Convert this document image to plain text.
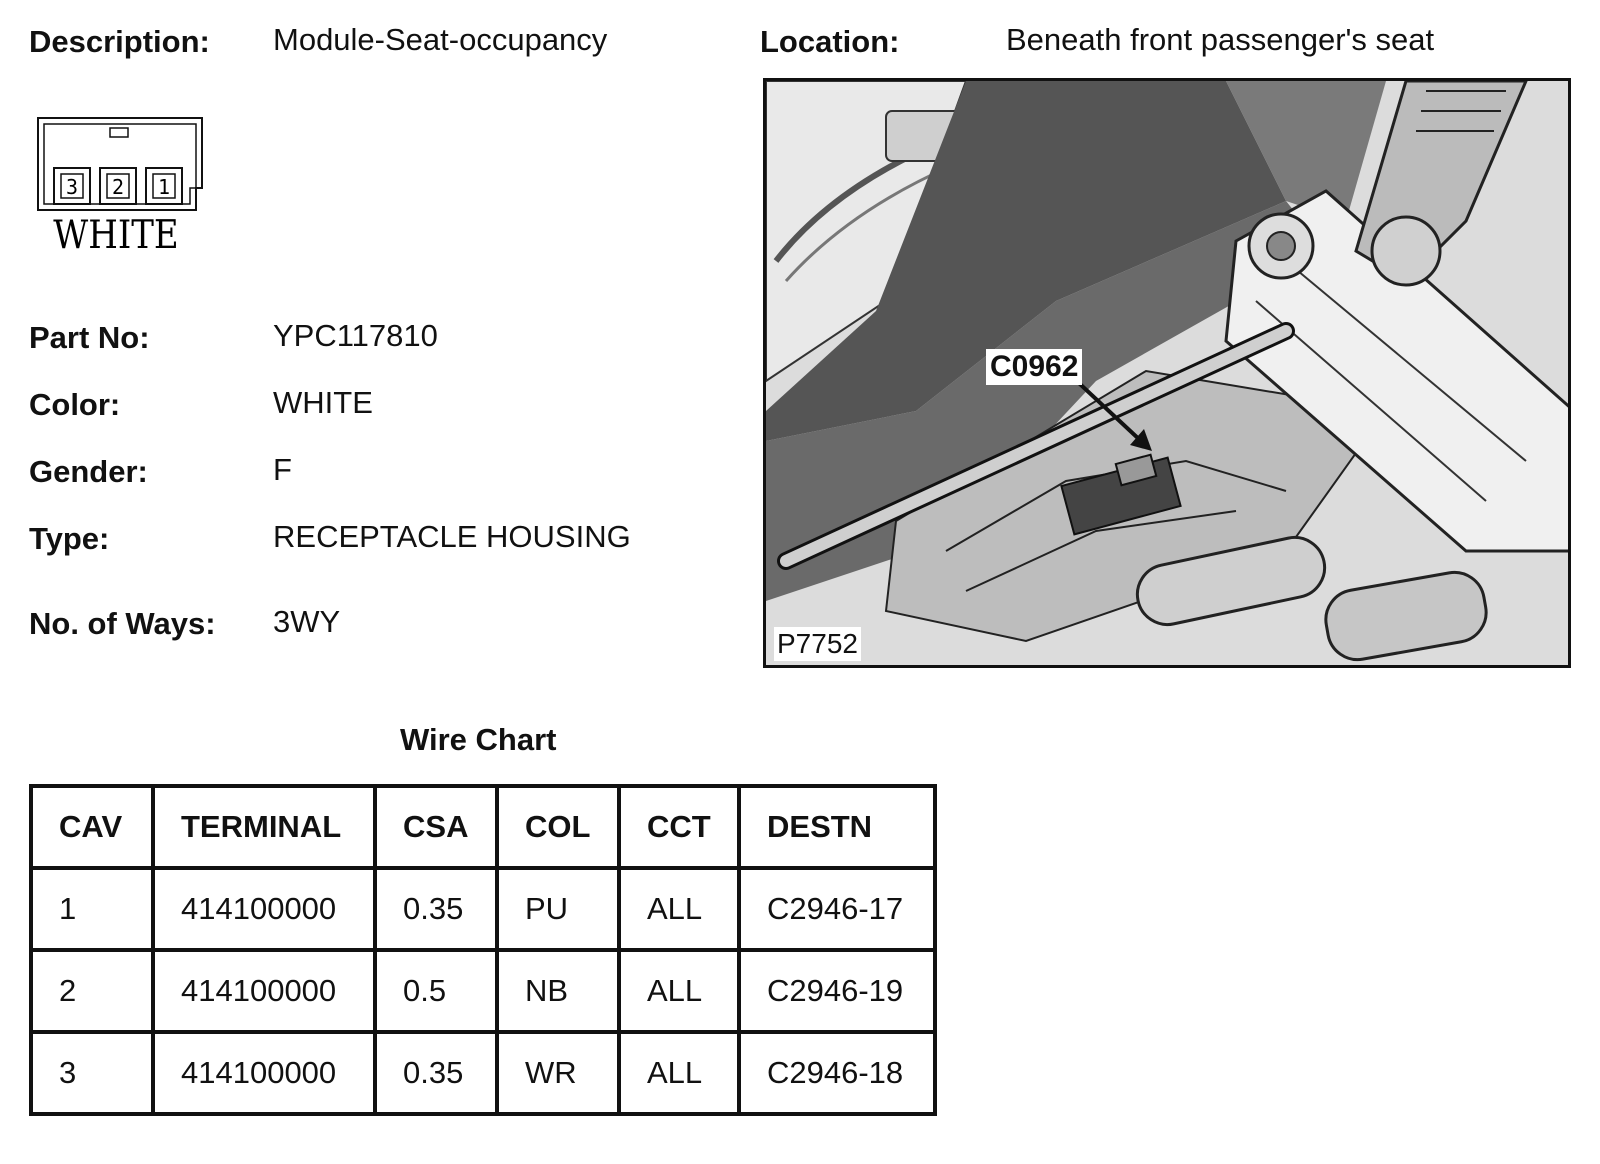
Description: Module-Seat-occupancy	Location:	Beneath front passenger's seat
3 2 1
WHITE
C0962
P7752
Part No:	YPC117810
Color:	WHITE
Gender:	F
Type:	RECEPTACLE HOUSING
No. of Ways: 3WY
Wire Chart
CAV	TERMINAL	CSA	COL	CCT	DESTN
1	414100000	0.35	PU	ALL	C2946-17
2	414100000	0.5	NB	ALL	C2946-19
3	414100000	0.35	WR	ALL	C2946-18
